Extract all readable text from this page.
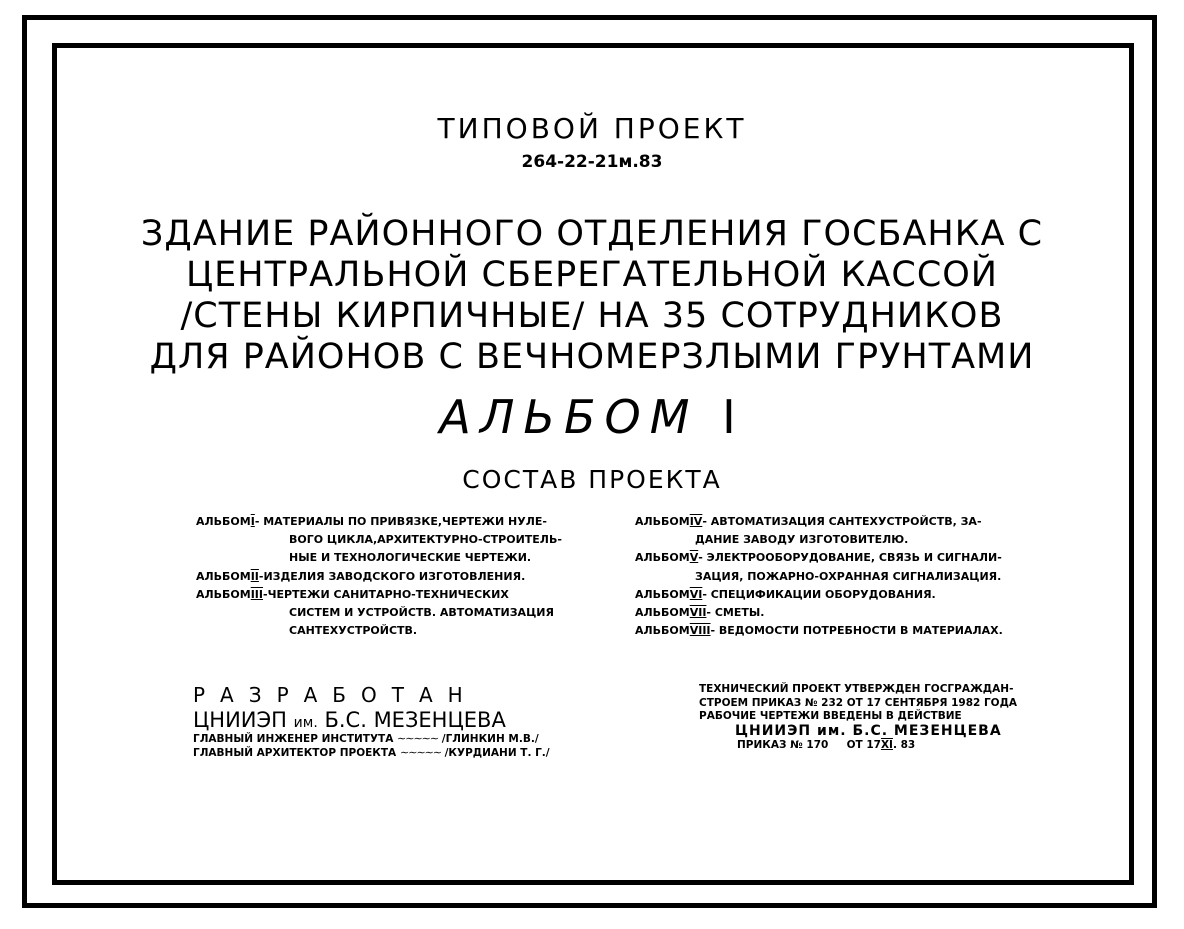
ТИПОВОЙ ПРОЕКТ
264-22-21м.83
ЗДАНИЕ РАЙОННОГО ОТДЕЛЕНИЯ ГОСБАНКА С
ЦЕНТРАЛЬНОЙ СБЕРЕГАТЕЛЬНОЙ КАССОЙ
/СТЕНЫ КИРПИЧНЫЕ/ НА 35 СОТРУДНИКОВ
ДЛЯ РАЙОНОВ С ВЕЧНОМЕРЗЛЫМИ ГРУНТАМИ
АЛЬБОМ I
СОСТАВ ПРОЕКТА
АЛЬБОМ I - МАТЕРИАЛЫ ПО ПРИВЯЗКЕ,ЧЕРТЕЖИ НУЛЕ-
ВОГО ЦИКЛА,АРХИТЕКТУРНО-СТРОИТЕЛЬ-
НЫЕ И ТЕХНОЛОГИЧЕСКИЕ ЧЕРТЕЖИ.
АЛЬБОМ II -ИЗДЕЛИЯ ЗАВОДСКОГО ИЗГОТОВЛЕНИЯ.
АЛЬБОМ III -ЧЕРТЕЖИ САНИТАРНО-ТЕХНИЧЕСКИХ
СИСТЕМ И УСТРОЙСТВ. АВТОМАТИЗАЦИЯ
САНТЕХУСТРОЙСТВ.
АЛЬБОМ IV - АВТОМАТИЗАЦИЯ САНТЕХУСТРОЙСТВ, ЗА-
ДАНИЕ ЗАВОДУ ИЗГОТОВИТЕЛЮ.
АЛЬБОМ V - ЭЛЕКТРООБОРУДОВАНИЕ, СВЯЗЬ И СИГНАЛИ-
ЗАЦИЯ, ПОЖАРНО-ОХРАННАЯ СИГНАЛИЗАЦИЯ.
АЛЬБОМ VI - СПЕЦИФИКАЦИИ ОБОРУДОВАНИЯ.
АЛЬБОМ VII - СМЕТЫ.
АЛЬБОМ VIII - ВЕДОМОСТИ ПОТРЕБНОСТИ В МАТЕРИАЛАХ.
РАЗРАБОТАН
ЦНИИЭП им. Б.С. МЕЗЕНЦЕВА
ГЛАВНЫЙ ИНЖЕНЕР ИНСТИТУТА ~~~~~ /ГЛИНКИН М.В./
ГЛАВНЫЙ АРХИТЕКТОР ПРОЕКТА ~~~~~ /КУРДИАНИ Т. Г./
ТЕХНИЧЕСКИЙ ПРОЕКТ УТВЕРЖДЕН ГОСГРАЖДАН-
СТРОЕМ ПРИКАЗ № 232 ОТ 17 СЕНТЯБРЯ 1982 ГОДА
РАБОЧИЕ ЧЕРТЕЖИ ВВЕДЕНЫ В ДЕЙСТВИЕ
ЦНИИЭП им. Б.С. МЕЗЕНЦЕВА
ПРИКАЗ № 170 ОТ 17XI. 83
